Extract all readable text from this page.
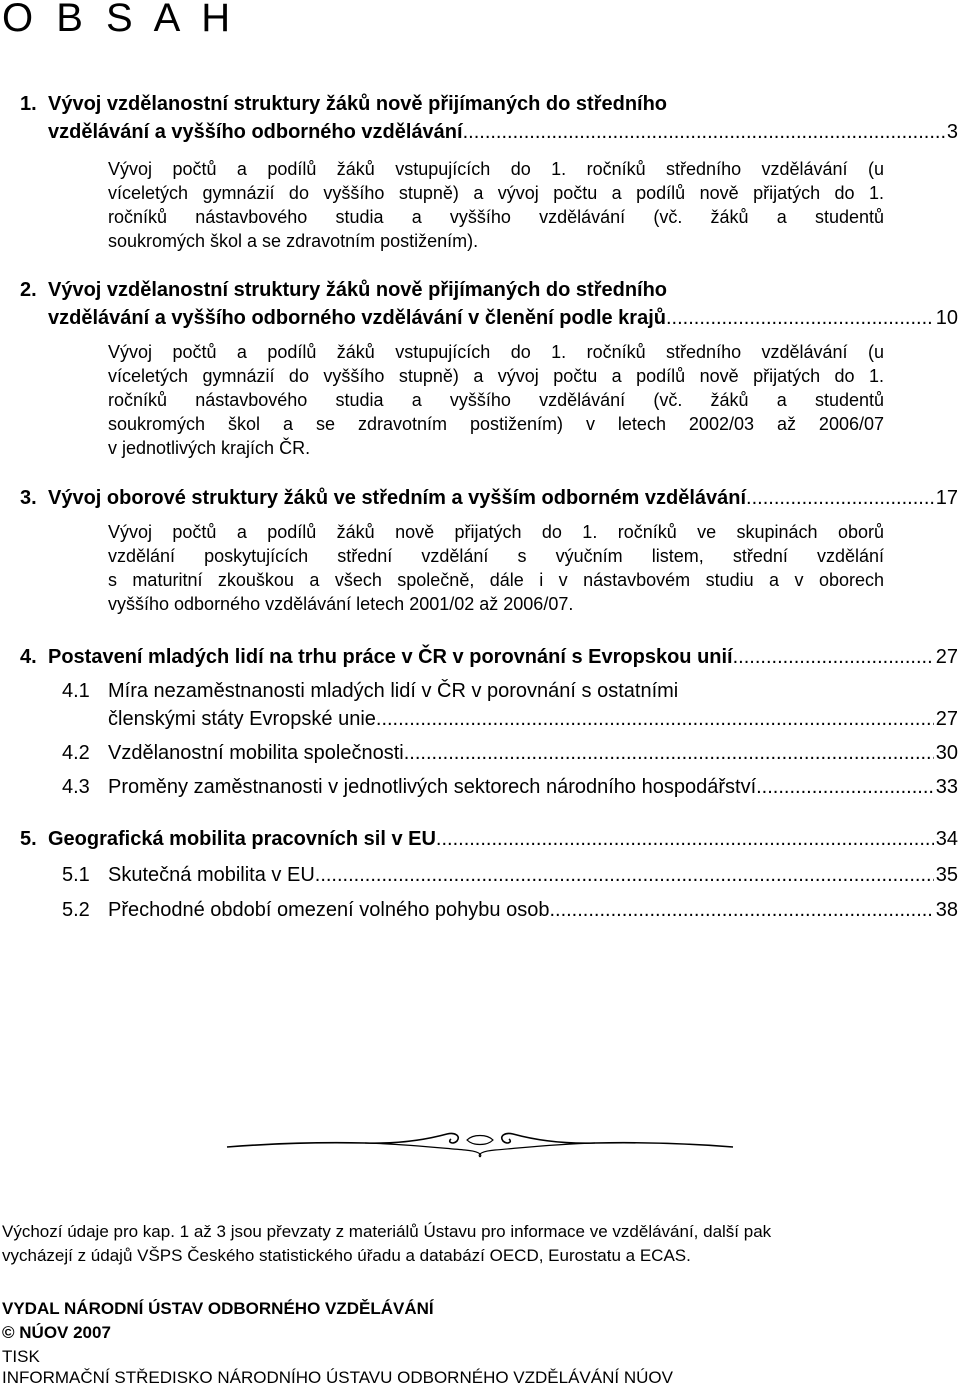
O B S A H
1. Vývoj vzdělanostní struktury žáků nově přijímaných do středního
vzdělávání a vyššího odborného vzdělávání .....	3
Vývoj počtů a podílů žáků vstupujících do 1. ročníků středního vzdělávání (u
víceletých gymnázií do vyššího stupně) a vývoj počtu a podílů nově přijatých do 1.
ročníků nástavbového studia a vyššího vzdělávání (vč. žáků a studentů
soukromých škol a se zdravotním postižením).
2. Vývoj vzdělanostní struktury žáků nově přijímaných do středního
vzdělávání a vyššího odborného vzdělávání v členění podle krajů .....	10
Vývoj počtů a podílů žáků vstupujících do 1. ročníků středního vzdělávání (u
víceletých gymnázií do vyššího stupně) a vývoj počtu a podílů nově přijatých do 1.
ročníků nástavbového studia a vyššího vzdělávání (vč. žáků a studentů
soukromých škol a se zdravotním postižením) v letech 2002/03 až 2006/07
v jednotlivých krajích ČR.
3. Vývoj oborové struktury žáků ve středním a vyšším odborném vzdělávání .....	17
Vývoj počtů a podílů žáků nově přijatých do 1. ročníků ve skupinách oborů
vzdělání poskytujících střední vzdělání s výučním listem, střední vzdělání
s maturitní zkouškou a všech společně, dále i v nástavbovém studiu a v oborech
vyššího odborného vzdělávání letech 2001/02 až 2006/07.
4. Postavení mladých lidí na trhu práce v ČR v porovnání s Evropskou unií .....	27
4.1 Míra nezaměstnanosti mladých lidí v ČR v porovnání s ostatními
členskými státy Evropské unie .....	27
4.2 Vzdělanostní mobilita společnosti .....	30
4.3 Proměny zaměstnanosti v jednotlivých sektorech národního hospodářství .....	33
5. Geografická mobilita pracovních sil v EU .....	34
5.1 Skutečná mobilita v EU .....	35
5.2 Přechodné období omezení volného pohybu osob .....	38
Výchozí údaje pro kap. 1 až 3 jsou převzaty z materiálů Ústavu pro informace ve vzdělávání, další pak
vycházejí z údajů VŠPS Českého statistického úřadu a databází OECD, Eurostatu a ECAS.
VYDAL NÁRODNÍ ÚSTAV ODBORNÉHO VZDĚLÁVÁNÍ
© NÚOV 2007
TISK
INFORMAČNÍ STŘEDISKO NÁRODNÍHO ÚSTAVU ODBORNÉHO VZDĚLÁVÁNÍ NÚOV
